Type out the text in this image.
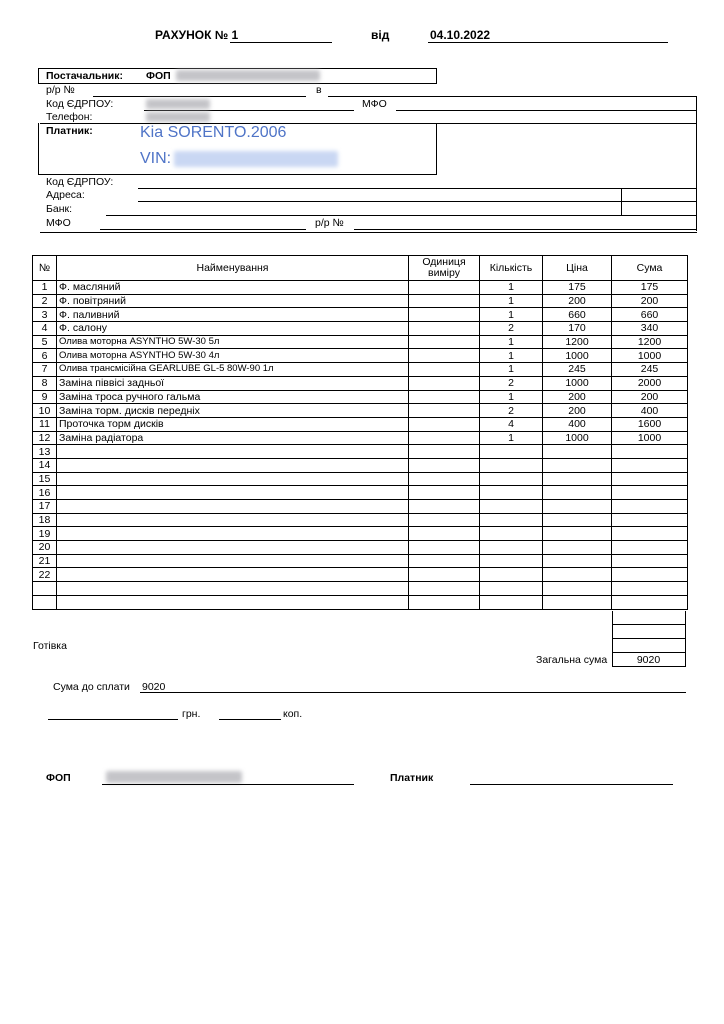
РАХУНОК № 1	від	04.10.2022
Постачальник: ФОП
р/р №	в
Код ЄДРПОУ:	МФО
Телефон:
Платник:	Kia SORENTO.2006
VIN:
Код ЄДРПОУ:
Адреса:
Банк:
МФО	р/р №
№	Найменування	Одиниця виміру	Кількість	Ціна	Сума
1	Ф. масляний		1	175	175
2	Ф. повітряний		1	200	200
3	Ф. паливний		1	660	660
4	Ф. салону		2	170	340
5	Олива моторна ASYNTHO 5W-30 5л		1	1200	1200
6	Олива моторна ASYNTHO 5W-30 4л		1	1000	1000
7	Олива трансмісійна GEARLUBE GL-5 80W-90 1л		1	245	245
8	Заміна піввісі задньої		2	1000	2000
9	Заміна троса ручного гальма		1	200	200
10	Заміна торм. дисків передніх		2	200	400
11	Проточка торм дисків		4	400	1600
12	Заміна радіатора		1	1000	1000
13					
14					
15					
16					
17					
18					
19					
20					
21					
22					

Готівка
Загальна сума	9020
Сума до сплати 9020
грн.	коп.
ФОП	Платник
